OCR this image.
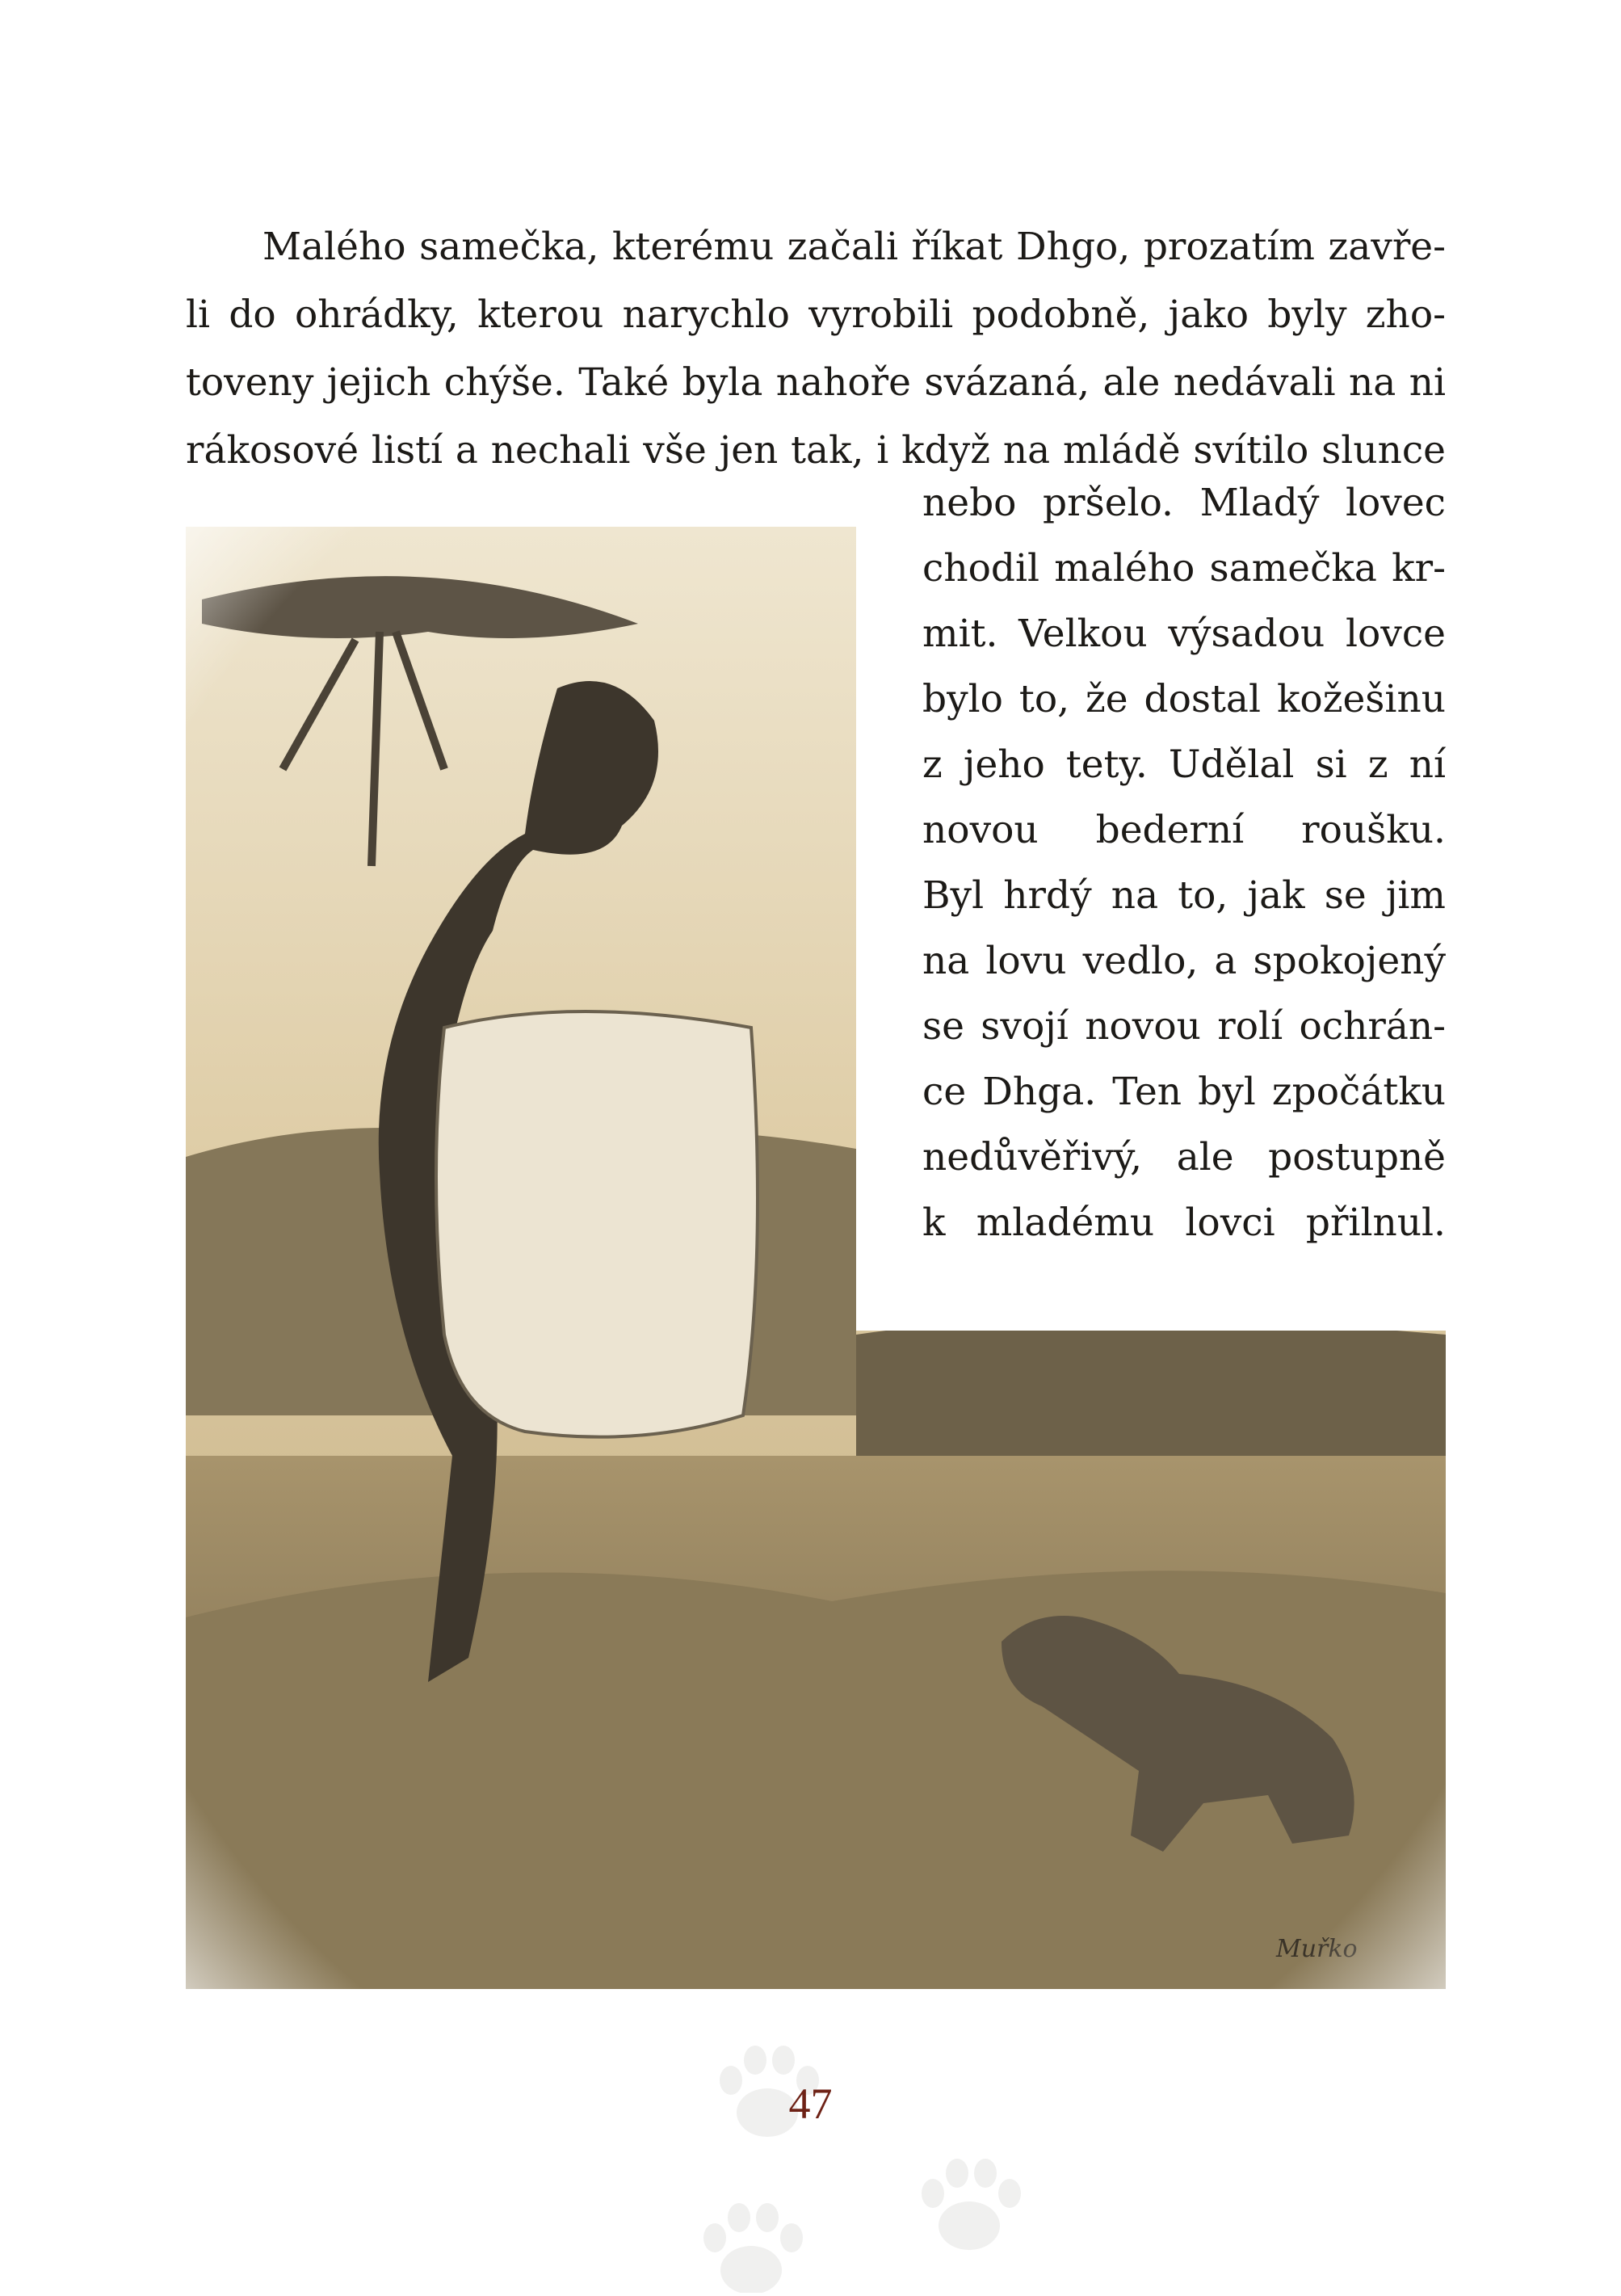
Malého samečka, kterému začali říkat Dhgo, prozatím zavře-
li do ohrádky, kterou narychlo vyrobili podobně, jako byly zho-
toveny jejich chýše. Také byla nahoře svázaná, ale nedávali na ni
rákosové listí a nechali vše jen tak, i když na mládě svítilo slunce
nebo pršelo. Mladý lovec
chodil malého samečka kr-
mit. Velkou výsadou lovce
bylo to, že dostal kožešinu
z jeho tety. Udělal si z ní
novou bederní roušku.
Byl hrdý na to, jak se jim
na lovu vedlo, a spokojený
se svojí novou rolí ochrán-
ce Dhga. Ten byl zpočátku
nedůvěřivý, ale postupně
k mladému lovci přilnul.
47
